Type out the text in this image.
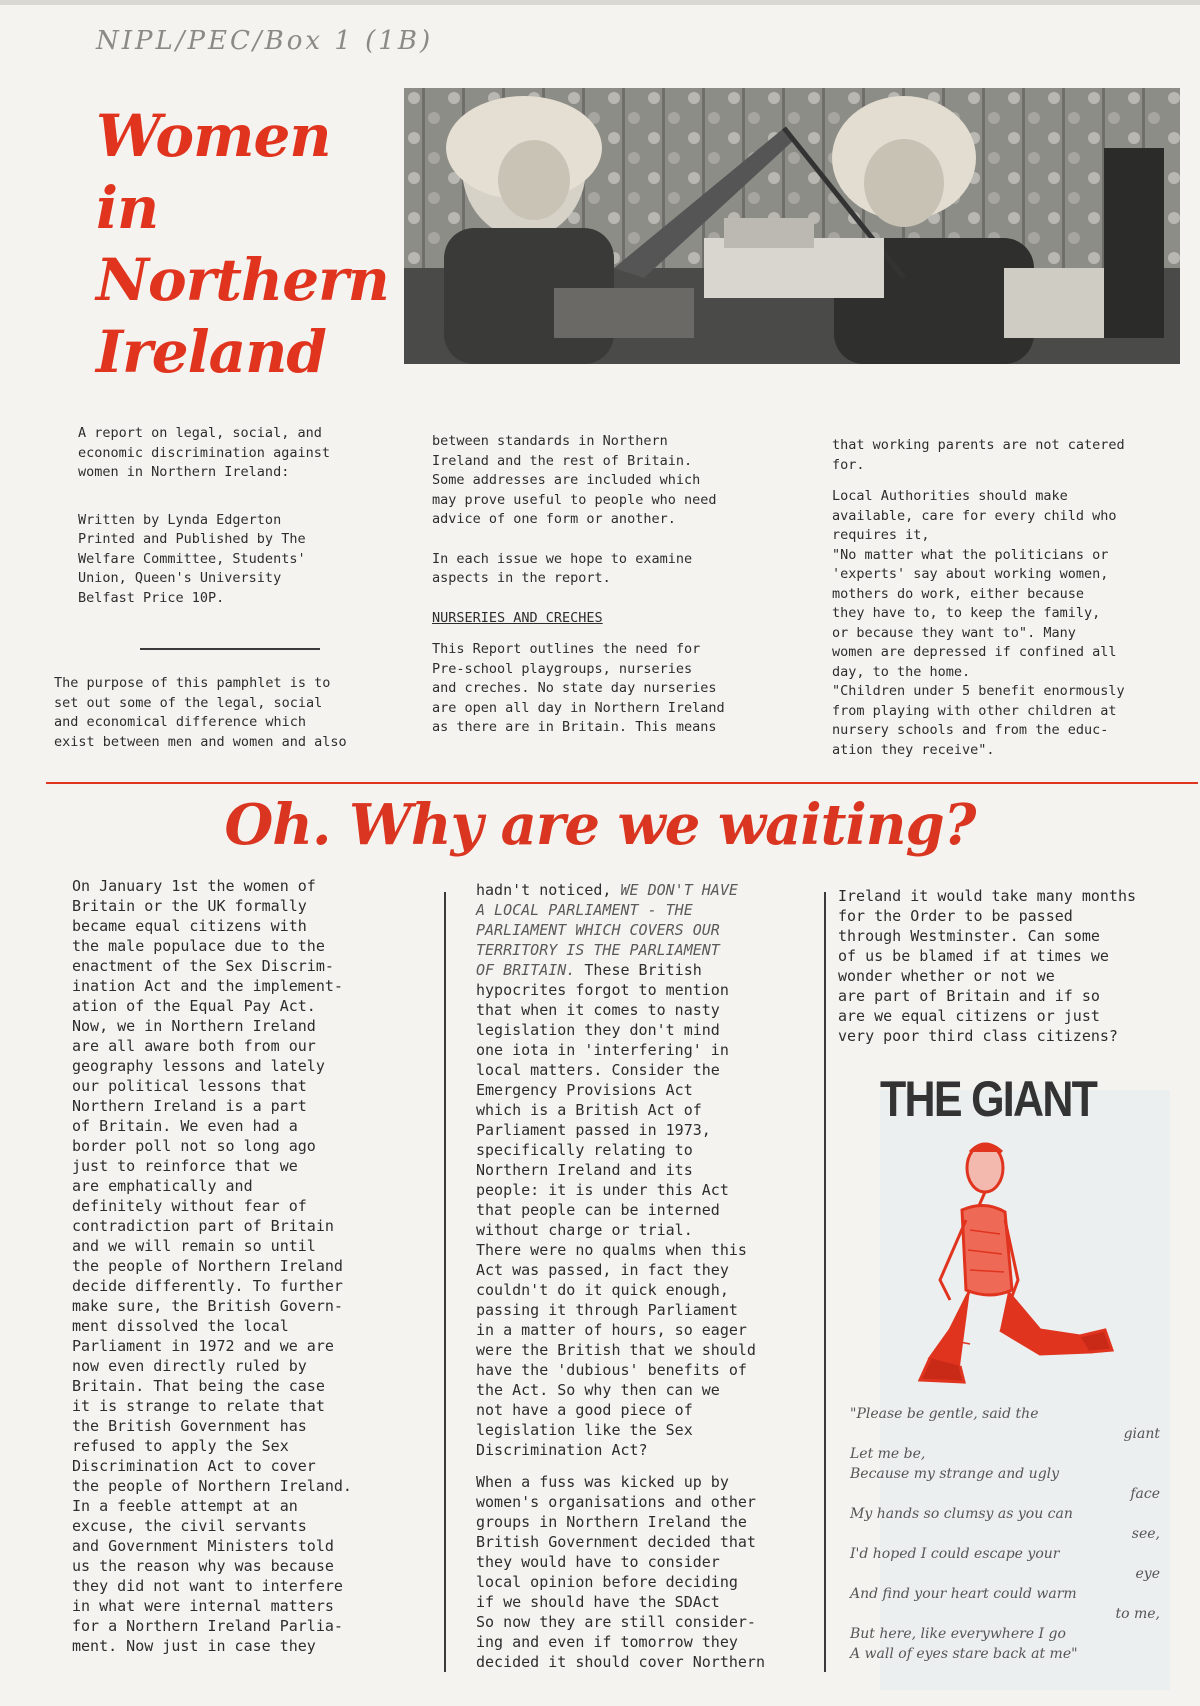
NIPL/PEC/Box 1 (1B)
Women
in
Northern
Ireland

A report on legal, social, and
economic discrimination against
women in Northern Ireland:

Written by Lynda Edgerton
Printed and Published by The
Welfare Committee, Students'
Union, Queen's University
Belfast Price 10P.

The purpose of this pamphlet is to
set out some of the legal, social
and economical difference which
exist between men and women and also

between standards in Northern
Ireland and the rest of Britain.
Some addresses are included which
may prove useful to people who need
advice of one form or another.

In each issue we hope to examine
aspects in the report.

NURSERIES AND CRECHES

This Report outlines the need for
Pre-school playgroups, nurseries
and creches. No state day nurseries
are open all day in Northern Ireland
as there are in Britain. This means

that working parents are not catered
for.

Local Authorities should make
available, care for every child who
requires it,
"No matter what the politicians or
'experts' say about working women,
mothers do work, either because
they have to, to keep the family,
or because they want to". Many
women are depressed if confined all
day, to the home.
"Children under 5 benefit enormously
from playing with other children at
nursery schools and from the educ-
ation they receive".

Oh. Why are we waiting?

On January 1st the women of
Britain or the UK formally
became equal citizens with
the male populace due to the
enactment of the Sex Discrim-
ination Act and the implement-
ation of the Equal Pay Act.
Now, we in Northern Ireland
are all aware both from our
geography lessons and lately
our political lessons that
Northern Ireland is a part
of Britain. We even had a
border poll not so long ago
just to reinforce that we
are emphatically and
definitely without fear of
contradiction part of Britain
and we will remain so until
the people of Northern Ireland
decide differently. To further
make sure, the British Govern-
ment dissolved the local
Parliament in 1972 and we are
now even directly ruled by
Britain. That being the case
it is strange to relate that
the British Government has
refused to apply the Sex
Discrimination Act to cover
the people of Northern Ireland.
In a feeble attempt at an
excuse, the civil servants
and Government Ministers told
us the reason why was because
they did not want to interfere
in what were internal matters
for a Northern Ireland Parlia-
ment. Now just in case they

hadn't noticed, WE DON'T HAVE
A LOCAL PARLIAMENT - THE
PARLIAMENT WHICH COVERS OUR
TERRITORY IS THE PARLIAMENT
OF BRITAIN. These British
hypocrites forgot to mention
that when it comes to nasty
legislation they don't mind
one iota in 'interfering' in
local matters. Consider the
Emergency Provisions Act
which is a British Act of
Parliament passed in 1973,
specifically relating to
Northern Ireland and its
people: it is under this Act
that people can be interned
without charge or trial.
There were no qualms when this
Act was passed, in fact they
couldn't do it quick enough,
passing it through Parliament
in a matter of hours, so eager
were the British that we should
have the 'dubious' benefits of
the Act. So why then can we
not have a good piece of
legislation like the Sex
Discrimination Act?

When a fuss was kicked up by
women's organisations and other
groups in Northern Ireland the
British Government decided that
they would have to consider
local opinion before deciding
if we should have the SDAct
So now they are still consider-
ing and even if tomorrow they
decided it should cover Northern

Ireland it would take many months
for the Order to be passed
through Westminster. Can some
of us be blamed if at times we
wonder whether or not we
are part of Britain and if so
are we equal citizens or just
very poor third class citizens?

THE GIANT
"Please be gentle, said the
giant
Let me be,
Because my strange and ugly
face
My hands so clumsy as you can
see,
I'd hoped I could escape your
eye
And find your heart could warm
to me,
But here, like everywhere I go
A wall of eyes stare back at me"
